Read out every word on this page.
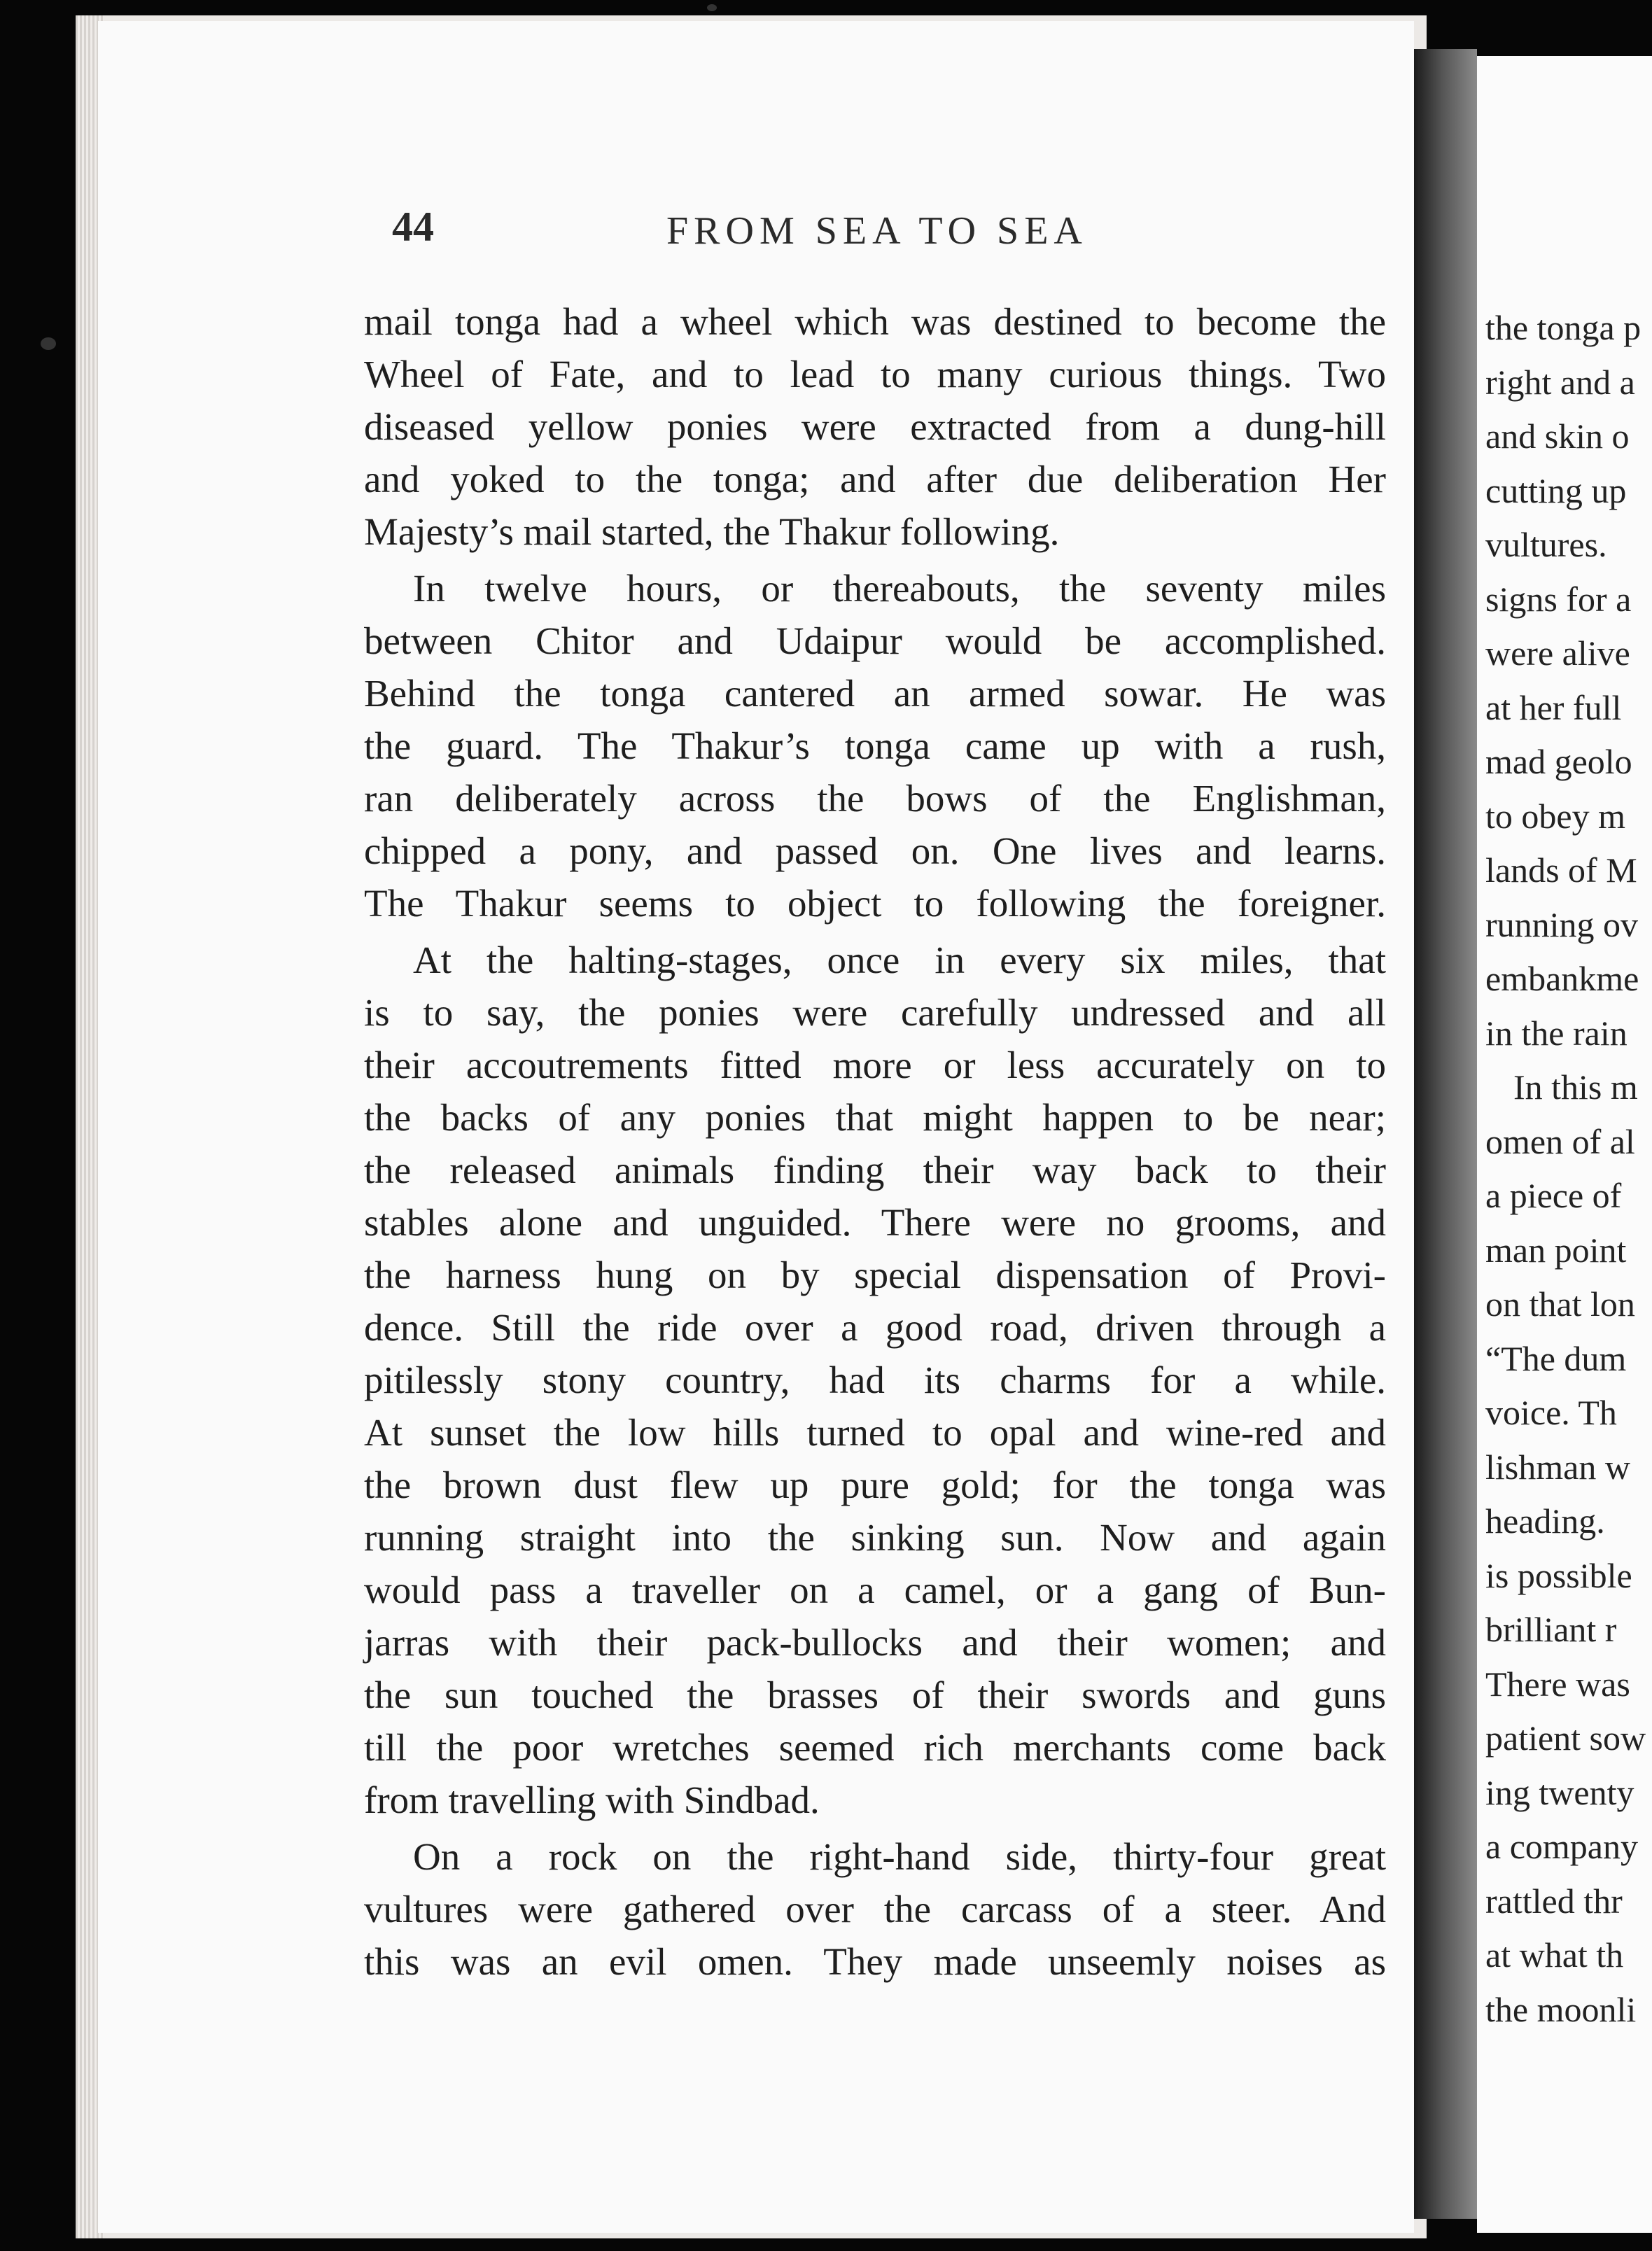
44	FROM SEA TO SEA
mail tonga had a wheel which was destined to become the
Wheel of Fate, and to lead to many curious things. Two
diseased yellow ponies were extracted from a dung-hill
and yoked to the tonga; and after due deliberation Her
Majesty’s mail started, the Thakur following.
In twelve hours, or thereabouts, the seventy miles
between Chitor and Udaipur would be accomplished.
Behind the tonga cantered an armed sowar. He was
the guard. The Thakur’s tonga came up with a rush,
ran deliberately across the bows of the Englishman,
chipped a pony, and passed on. One lives and learns.
The Thakur seems to object to following the foreigner.
At the halting-stages, once in every six miles, that
is to say, the ponies were carefully undressed and all
their accoutrements fitted more or less accurately on to
the backs of any ponies that might happen to be near;
the released animals finding their way back to their
stables alone and unguided. There were no grooms, and
the harness hung on by special dispensation of Provi-
dence. Still the ride over a good road, driven through a
pitilessly stony country, had its charms for a while.
At sunset the low hills turned to opal and wine-red and
the brown dust flew up pure gold; for the tonga was
running straight into the sinking sun. Now and again
would pass a traveller on a camel, or a gang of Bun-
jarras with their pack-bullocks and their women; and
the sun touched the brasses of their swords and guns
till the poor wretches seemed rich merchants come back
from travelling with Sindbad.
On a rock on the right-hand side, thirty-four great
vultures were gathered over the carcass of a steer. And
this was an evil omen. They made unseemly noises as
the tonga p
right and a
and skin o
cutting up
vultures.
signs for a
were alive
at her full
mad geolo
to obey m
lands of M
running ov
embankme
in the rain
In this m
omen of al
a piece of
man point
on that lon
“The dum
voice. Th
lishman w
heading.
is possible
brilliant r
There was
patient sow
ing twenty
a company
rattled thr
at what th
the moonli
